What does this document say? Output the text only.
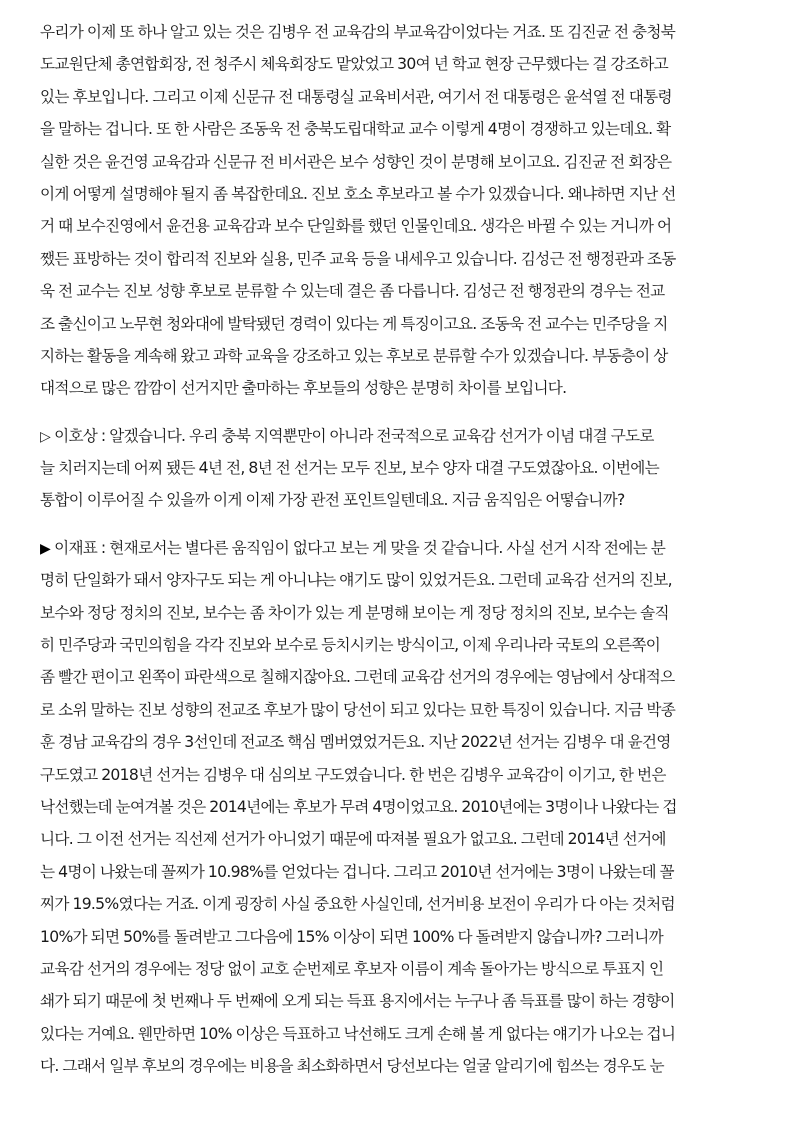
우리가 이제 또 하나 알고 있는 것은 김병우 전 교육감의 부교육감이었다는 거죠. 또 김진균 전 충청북
도교원단체 총연합회장, 전 청주시 체육회장도 맡았었고 30여 년 학교 현장 근무했다는 걸 강조하고
있는 후보입니다. 그리고 이제 신문규 전 대통령실 교육비서관, 여기서 전 대통령은 윤석열 전 대통령
을 말하는 겁니다. 또 한 사람은 조동욱 전 충북도립대학교 교수 이렇게 4명이 경쟁하고 있는데요. 확
실한 것은 윤건영 교육감과 신문규 전 비서관은 보수 성향인 것이 분명해 보이고요. 김진균 전 회장은
이게 어떻게 설명해야 될지 좀 복잡한데요. 진보 호소 후보라고 볼 수가 있겠습니다. 왜냐하면 지난 선
거 때 보수진영에서 윤건용 교육감과 보수 단일화를 했던 인물인데요. 생각은 바뀔 수 있는 거니까 어
쨌든 표방하는 것이 합리적 진보와 실용, 민주 교육 등을 내세우고 있습니다. 김성근 전 행정관과 조동
욱 전 교수는 진보 성향 후보로 분류할 수 있는데 결은 좀 다릅니다. 김성근 전 행정관의 경우는 전교
조 출신이고 노무현 청와대에 발탁됐던 경력이 있다는 게 특징이고요. 조동욱 전 교수는 민주당을 지
지하는 활동을 계속해 왔고 과학 교육을 강조하고 있는 후보로 분류할 수가 있겠습니다. 부동층이 상
대적으로 많은 깜깜이 선거지만 출마하는 후보들의 성향은 분명히 차이를 보입니다.
▷ 이호상 : 알겠습니다. 우리 충북 지역뿐만이 아니라 전국적으로 교육감 선거가 이념 대결 구도로
늘 치러지는데 어찌 됐든 4년 전, 8년 전 선거는 모두 진보, 보수 양자 대결 구도였잖아요. 이번에는
통합이 이루어질 수 있을까 이게 이제 가장 관전 포인트일텐데요. 지금 움직임은 어떻습니까?
▶ 이재표 : 현재로서는 별다른 움직임이 없다고 보는 게 맞을 것 같습니다. 사실 선거 시작 전에는 분
명히 단일화가 돼서 양자구도 되는 게 아니냐는 얘기도 많이 있었거든요. 그런데 교육감 선거의 진보,
보수와 정당 정치의 진보, 보수는 좀 차이가 있는 게 분명해 보이는 게 정당 정치의 진보, 보수는 솔직
히 민주당과 국민의힘을 각각 진보와 보수로 등치시키는 방식이고, 이제 우리나라 국토의 오른쪽이
좀 빨간 편이고 왼쪽이 파란색으로 칠해지잖아요. 그런데 교육감 선거의 경우에는 영남에서 상대적으
로 소위 말하는 진보 성향의 전교조 후보가 많이 당선이 되고 있다는 묘한 특징이 있습니다. 지금 박종
훈 경남 교육감의 경우 3선인데 전교조 핵심 멤버였었거든요. 지난 2022년 선거는 김병우 대 윤건영
구도였고 2018년 선거는 김병우 대 심의보 구도였습니다. 한 번은 김병우 교육감이 이기고, 한 번은
낙선했는데 눈여겨볼 것은 2014년에는 후보가 무려 4명이었고요. 2010년에는 3명이나 나왔다는 겁
니다. 그 이전 선거는 직선제 선거가 아니었기 때문에 따져볼 필요가 없고요. 그런데 2014년 선거에
는 4명이 나왔는데 꼴찌가 10.98%를 얻었다는 겁니다. 그리고 2010년 선거에는 3명이 나왔는데 꼴
찌가 19.5%였다는 거죠. 이게 굉장히 사실 중요한 사실인데, 선거비용 보전이 우리가 다 아는 것처럼
10%가 되면 50%를 돌려받고 그다음에 15% 이상이 되면 100% 다 돌려받지 않습니까? 그러니까
교육감 선거의 경우에는 정당 없이 교호 순번제로 후보자 이름이 계속 돌아가는 방식으로 투표지 인
쇄가 되기 때문에 첫 번째나 두 번째에 오게 되는 득표 용지에서는 누구나 좀 득표를 많이 하는 경향이
있다는 거예요. 웬만하면 10% 이상은 득표하고 낙선해도 크게 손해 볼 게 없다는 얘기가 나오는 겁니
다. 그래서 일부 후보의 경우에는 비용을 최소화하면서 당선보다는 얼굴 알리기에 힘쓰는 경우도 눈
